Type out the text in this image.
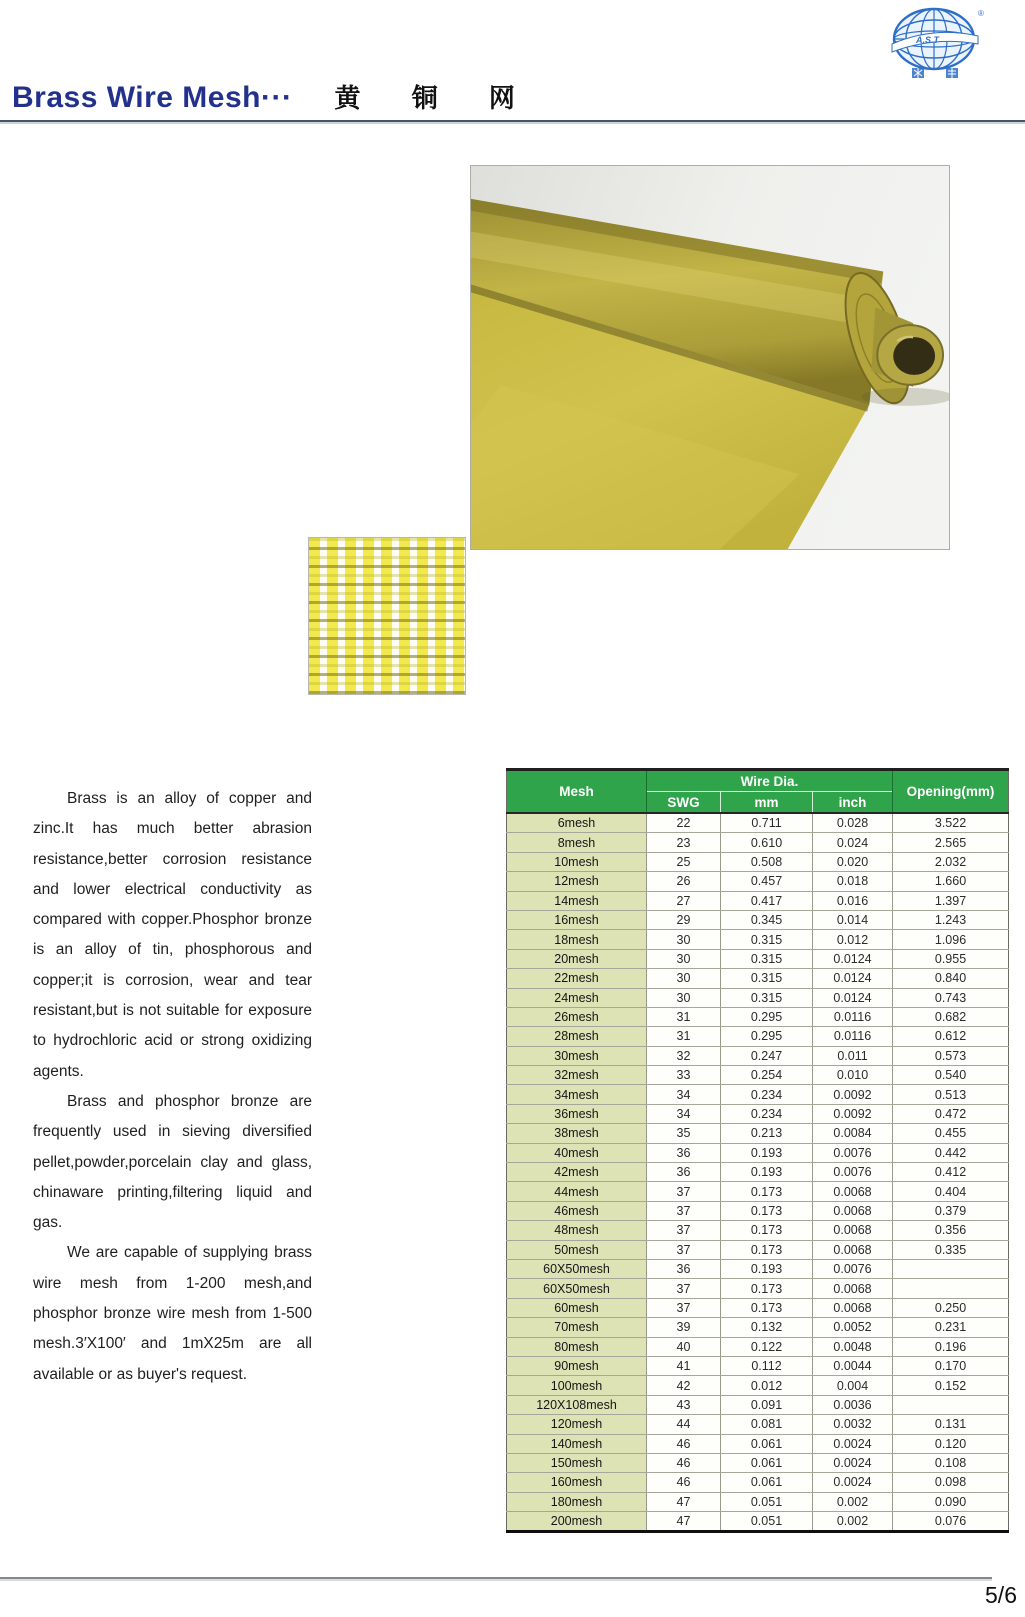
A.S.T
®
Brass Wire Mesh··· 黄 铜 网

Brass is an alloy of copper and zinc.It has much better abrasion resistance,better corrosion resistance and lower electrical conductivity as compared with copper.Phosphor bronze is an alloy of tin, phosphorous and copper;it is corrosion, wear and tear resistant,but is not suitable for exposure to hydrochloric acid or strong oxidizing agents.

Brass and phosphor bronze are frequently used in sieving diversified pellet,powder,porcelain clay and glass, chinaware printing,filtering liquid and gas.

We are capable of supplying brass wire mesh from 1-200 mesh,and phosphor bronze wire mesh from 1-500 mesh.3′X100′ and 1mX25m are all available or as buyer's request.

Mesh	Wire Dia.			Opening(mm)
	SWG	mm	inch	
6mesh	22	0.711	0.028	3.522
8mesh	23	0.610	0.024	2.565
10mesh	25	0.508	0.020	2.032
12mesh	26	0.457	0.018	1.660
14mesh	27	0.417	0.016	1.397
16mesh	29	0.345	0.014	1.243
18mesh	30	0.315	0.012	1.096
20mesh	30	0.315	0.0124	0.955
22mesh	30	0.315	0.0124	0.840
24mesh	30	0.315	0.0124	0.743
26mesh	31	0.295	0.0116	0.682
28mesh	31	0.295	0.0116	0.612
30mesh	32	0.247	0.011	0.573
32mesh	33	0.254	0.010	0.540
34mesh	34	0.234	0.0092	0.513
36mesh	34	0.234	0.0092	0.472
38mesh	35	0.213	0.0084	0.455
40mesh	36	0.193	0.0076	0.442
42mesh	36	0.193	0.0076	0.412
44mesh	37	0.173	0.0068	0.404
46mesh	37	0.173	0.0068	0.379
48mesh	37	0.173	0.0068	0.356
50mesh	37	0.173	0.0068	0.335
60X50mesh	36	0.193	0.0076	
60X50mesh	37	0.173	0.0068	
60mesh	37	0.173	0.0068	0.250
70mesh	39	0.132	0.0052	0.231
80mesh	40	0.122	0.0048	0.196
90mesh	41	0.112	0.0044	0.170
100mesh	42	0.012	0.004	0.152
120X108mesh	43	0.091	0.0036	
120mesh	44	0.081	0.0032	0.131
140mesh	46	0.061	0.0024	0.120
150mesh	46	0.061	0.0024	0.108
160mesh	46	0.061	0.0024	0.098
180mesh	47	0.051	0.002	0.090
200mesh	47	0.051	0.002	0.076
5/6
